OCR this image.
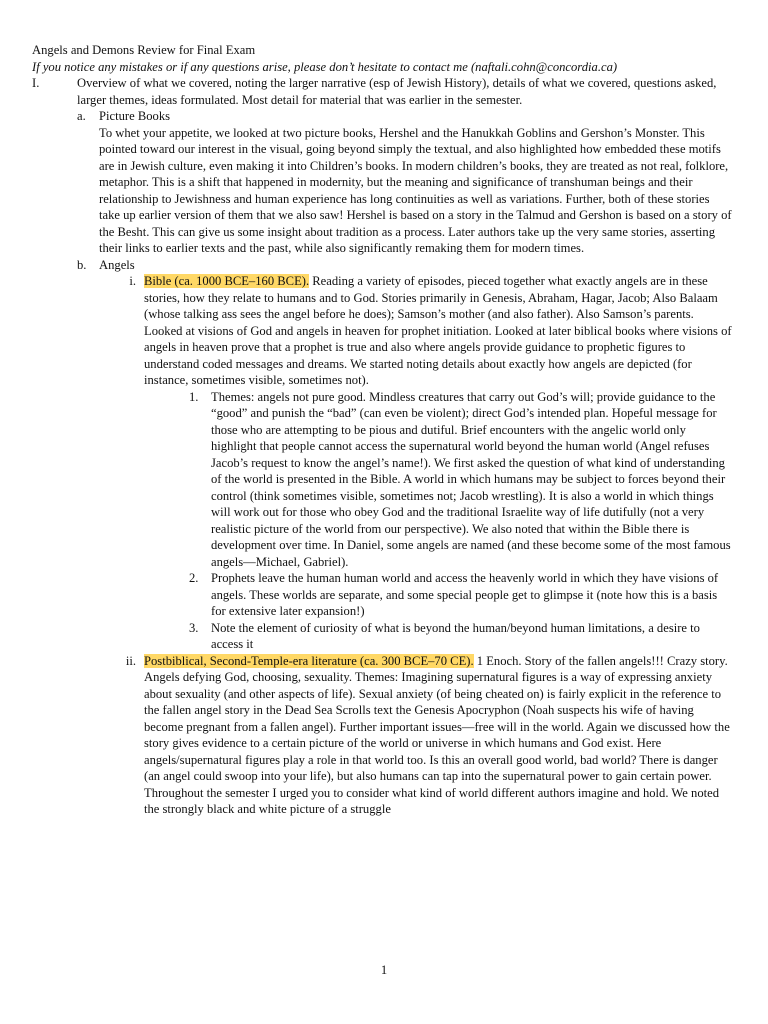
Angels and Demons Review for Final Exam

If you notice any mistakes or if any questions arise, please don’t hesitate to contact me (naftali.cohn@concordia.ca)

I.	Overview of what we covered, noting the larger narrative (esp of Jewish History), details of what we covered, questions asked, larger themes, ideas formulated. Most detail for material that was earlier in the semester.
a.	Picture Books

To whet your appetite, we looked at two picture books, Hershel and the Hanukkah Goblins and Gershon’s Monster. This pointed toward our interest in the visual, going beyond simply the textual, and also highlighted how embedded these motifs are in Jewish culture, even making it into Children’s books. In modern children’s books, they are treated as not real, folklore, metaphor. This is a shift that happened in modernity, but the meaning and significance of transhuman beings and their relationship to Jewishness and human experience has long continuities as well as variations. Further, both of these stories take up earlier version of them that we also saw! Hershel is based on a story in the Talmud and Gershon is based on a story of the Besht. This can give us some insight about tradition as a process. Later authors take up the very same stories, asserting their links to earlier texts and the past, while also significantly remaking them for modern times.

b. Angels

i. Bible (ca. 1000 BCE–160 BCE). Reading a variety of episodes, pieced together what exactly angels are in these stories, how they relate to humans and to God. Stories primarily in Genesis, Abraham, Hagar, Jacob; Also Balaam (whose talking ass sees the angel before he does); Samson’s mother (and also father). Also Samson’s parents. Looked at visions of God and angels in heaven for prophet initiation. Looked at later biblical books where visions of angels in heaven prove that a prophet is true and also where angels provide guidance to prophetic figures to understand coded messages and dreams. We started noting details about exactly how angels are depicted (for instance, sometimes visible, sometimes not).

1. Themes: angels not pure good. Mindless creatures that carry out God’s will; provide guidance to the “good” and punish the “bad” (can even be violent); direct God’s intended plan. Hopeful message for those who are attempting to be pious and dutiful. Brief encounters with the angelic world only highlight that people cannot access the supernatural world beyond the human world (Angel refuses Jacob’s request to know the angel’s name!). We first asked the question of what kind of understanding of the world is presented in the Bible. A world in which humans may be subject to forces beyond their control (think sometimes visible, sometimes not; Jacob wrestling). It is also a world in which things will work out for those who obey God and the traditional Israelite way of life dutifully (not a very realistic picture of the world from our perspective). We also noted that within the Bible there is development over time. In Daniel, some angels are named (and these become some of the most famous angels—Michael, Gabriel).

2. Prophets leave the human human world and access the heavenly world in which they have visions of angels. These worlds are separate, and some special people get to glimpse it (note how this is a basis for extensive later expansion!)

3. Note the element of curiosity of what is beyond the human/beyond human limitations, a desire to access it

ii. Postbiblical, Second-Temple-era literature (ca. 300 BCE–70 CE). 1 Enoch. Story of the fallen angels!!! Crazy story. Angels defying God, choosing, sexuality. Themes: Imagining supernatural figures is a way of expressing anxiety about sexuality (and other aspects of life). Sexual anxiety (of being cheated on) is fairly explicit in the reference to the fallen angel story in the Dead Sea Scrolls text the Genesis Apocryphon (Noah suspects his wife of having become pregnant from a fallen angel). Further important issues—free will in the world. Again we discussed how the story gives evidence to a certain picture of the world or universe in which humans and God exist. Here angels/supernatural figures play a role in that world too. Is this an overall good world, bad world? There is danger (an angel could swoop into your life), but also humans can tap into the supernatural power to gain certain power. Throughout the semester I urged you to consider what kind of world different authors imagine and hold. We noted the strongly black and white picture of a struggle

1
